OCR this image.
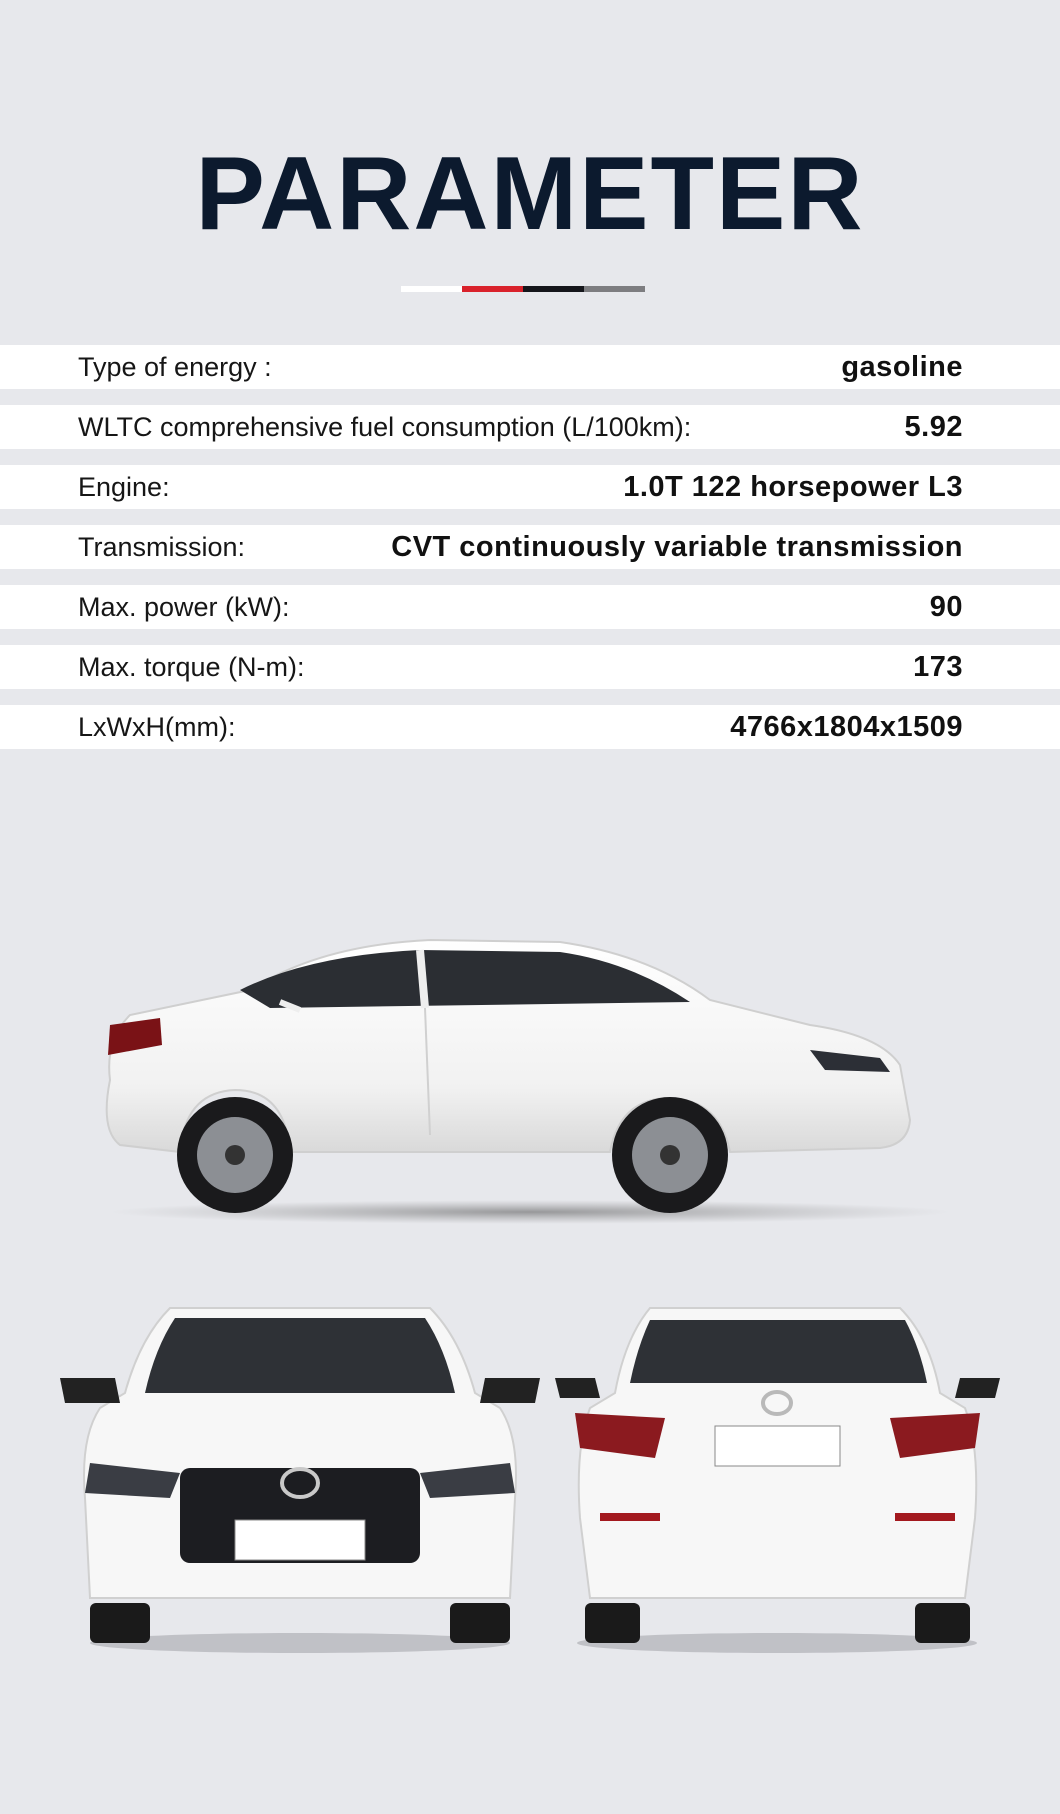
PARAMETER
Type of energy :	gasoline
WLTC comprehensive fuel consumption (L/100km):	5.92
Engine:	1.0T 122 horsepower L3
Transmission:	CVT continuously variable transmission
Max. power (kW):	90
Max. torque (N-m):	173
LxWxH(mm):	4766x1804x1509
